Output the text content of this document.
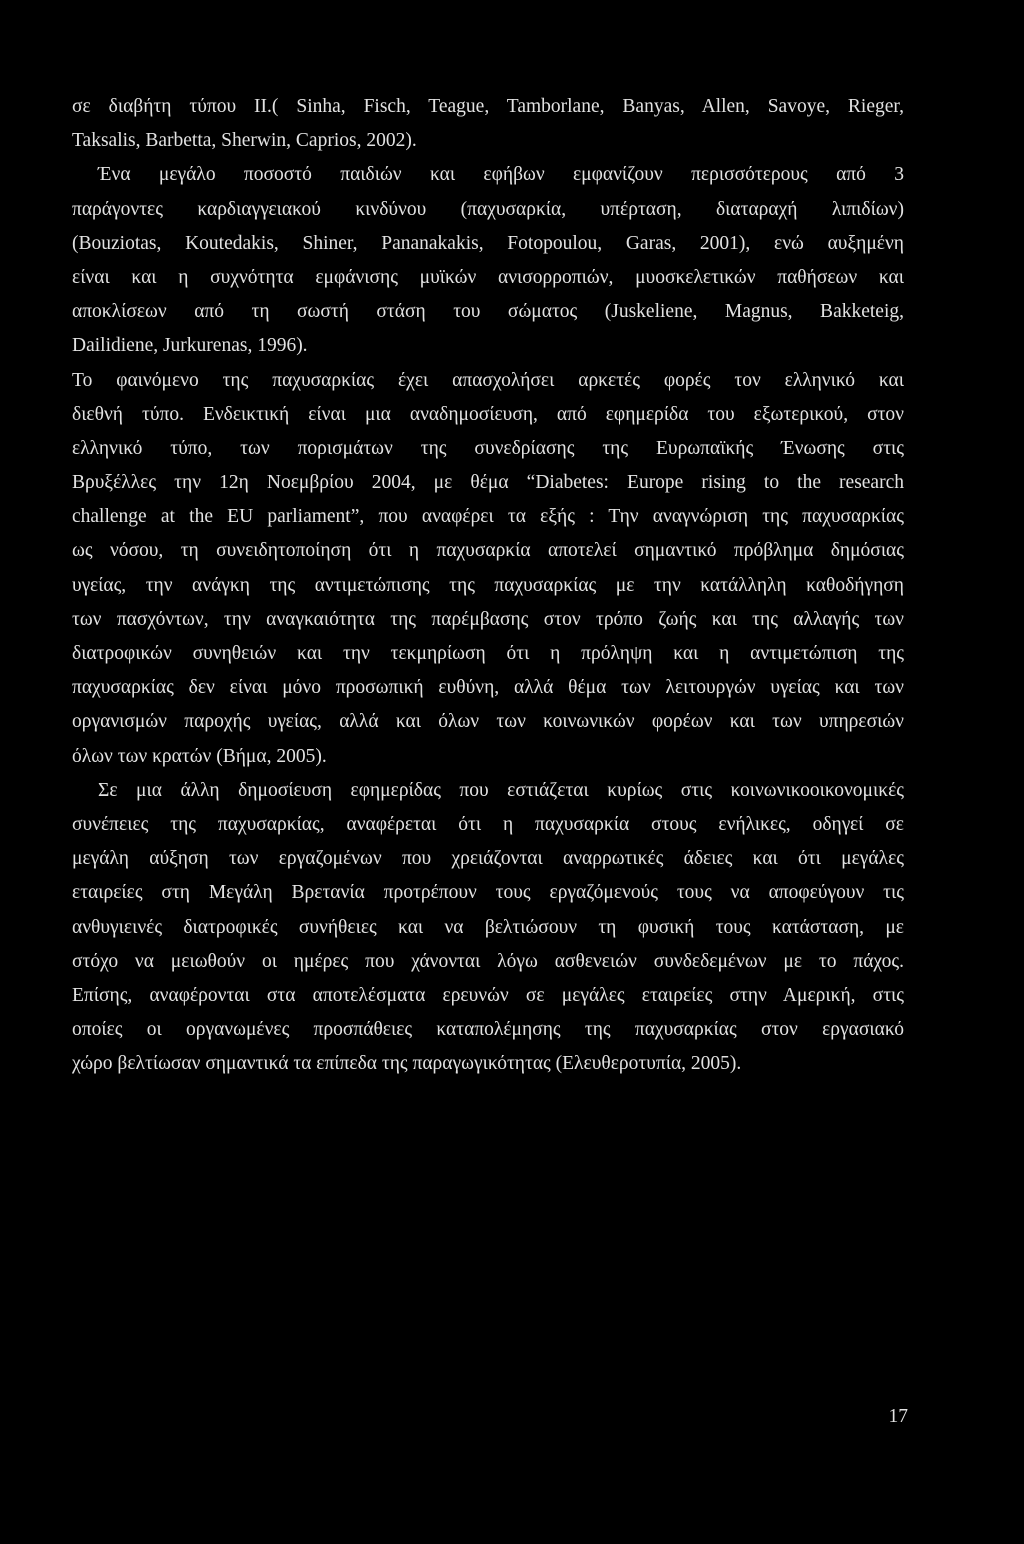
σε διαβήτη τύπου ΙΙ.( Sinha, Fisch, Teague, Tamborlane, Banyas, Allen, Savoye, Rieger,
Taksalis, Barbetta, Sherwin, Caprios, 2002).
Ένα μεγάλο ποσοστό παιδιών και εφήβων εμφανίζουν περισσότερους από 3
παράγοντες καρδιαγγειακού κινδύνου (παχυσαρκία, υπέρταση, διαταραχή λιπιδίων)
(Bouziotas, Koutedakis, Shiner, Pananakakis, Fotopoulou, Garas, 2001), ενώ αυξημένη
είναι και η συχνότητα εμφάνισης μυϊκών ανισορροπιών, μυοσκελετικών παθήσεων και
αποκλίσεων από τη σωστή στάση του σώματος (Juskeliene, Magnus, Bakketeig,
Dailidiene, Jurkurenas, 1996).
Το φαινόμενο της παχυσαρκίας έχει απασχολήσει αρκετές φορές τον ελληνικό και
διεθνή τύπο. Ενδεικτική είναι μια αναδημοσίευση, από εφημερίδα του εξωτερικού, στον
ελληνικό τύπο, των πορισμάτων της συνεδρίασης της Ευρωπαϊκής Ένωσης στις
Βρυξέλλες την 12η Νοεμβρίου 2004, με θέμα “Diabetes: Europe rising to the research
challenge at the EU parliament”, που αναφέρει τα εξής : Την αναγνώριση της παχυσαρκίας
ως νόσου, τη συνειδητοποίηση ότι η παχυσαρκία αποτελεί σημαντικό πρόβλημα δημόσιας
υγείας, την ανάγκη της αντιμετώπισης της παχυσαρκίας με την κατάλληλη καθοδήγηση
των πασχόντων, την αναγκαιότητα της παρέμβασης στον τρόπο ζωής και της αλλαγής των
διατροφικών συνηθειών και την τεκμηρίωση ότι η πρόληψη και η αντιμετώπιση της
παχυσαρκίας δεν είναι μόνο προσωπική ευθύνη, αλλά θέμα των λειτουργών υγείας και των
οργανισμών παροχής υγείας, αλλά και όλων των κοινωνικών φορέων και των υπηρεσιών
όλων των κρατών (Βήμα, 2005).
Σε μια άλλη δημοσίευση εφημερίδας που εστιάζεται κυρίως στις κοινωνικοοικονομικές
συνέπειες της παχυσαρκίας, αναφέρεται ότι η παχυσαρκία στους ενήλικες, οδηγεί σε
μεγάλη αύξηση των εργαζομένων που χρειάζονται αναρρωτικές άδειες και ότι μεγάλες
εταιρείες στη Μεγάλη Βρετανία προτρέπουν τους εργαζόμενούς τους να αποφεύγουν τις
ανθυγιεινές διατροφικές συνήθειες και να βελτιώσουν τη φυσική τους κατάσταση, με
στόχο να μειωθούν οι ημέρες που χάνονται λόγω ασθενειών συνδεδεμένων με το πάχος.
Επίσης, αναφέρονται στα αποτελέσματα ερευνών σε μεγάλες εταιρείες στην Αμερική, στις
οποίες οι οργανωμένες προσπάθειες καταπολέμησης της παχυσαρκίας στον εργασιακό
χώρο βελτίωσαν σημαντικά τα επίπεδα της παραγωγικότητας (Ελευθεροτυπία, 2005).
17
